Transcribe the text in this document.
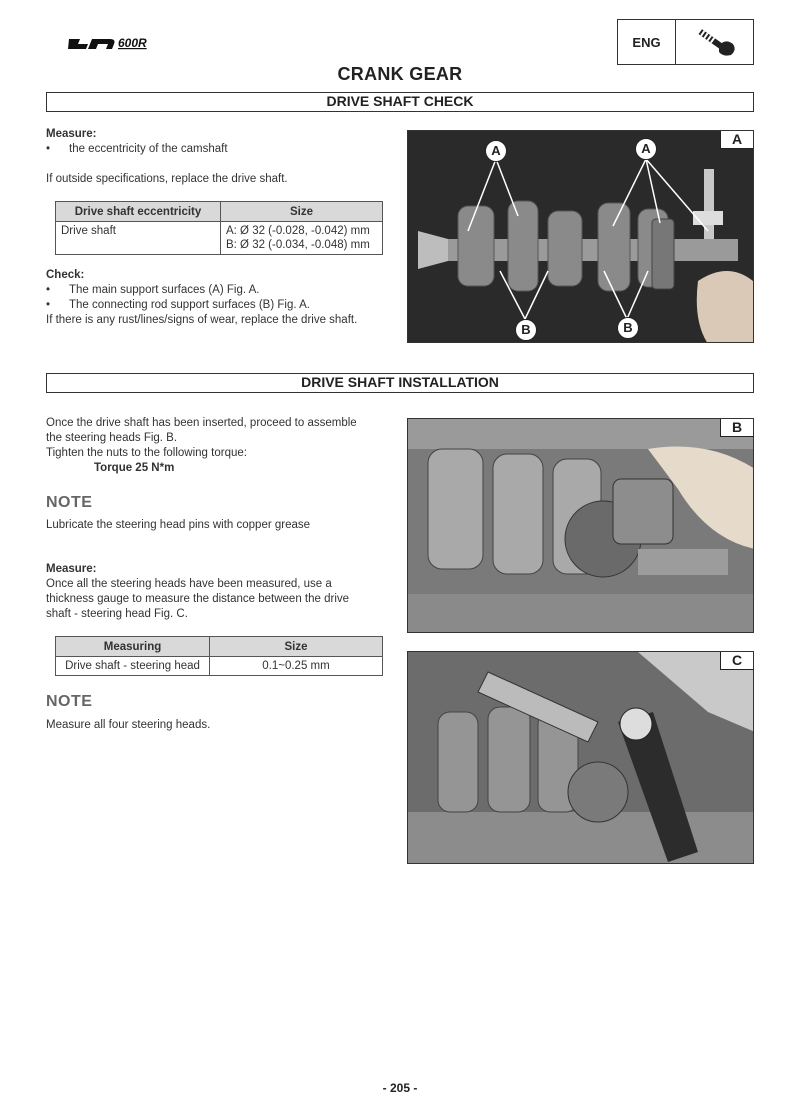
600R	ENG
CRANK GEAR
DRIVE SHAFT CHECK
Measure:
•	the eccentricity of the camshaft
If outside specifications, replace the drive shaft.
Drive shaft eccentricity	Size
Drive shaft	A: Ø 32 (-0.028, -0.042) mm
B: Ø 32 (-0.034, -0.048) mm
Check:
•	The main support surfaces (A) Fig. A.
•	The connecting rod support surfaces (B) Fig. A.
If there is any rust/lines/signs of wear, replace the drive shaft.
A
A	A
B	B
DRIVE SHAFT INSTALLATION
Once the drive shaft has been inserted, proceed to assemble
the steering heads Fig. B.
Tighten the nuts to the following torque:
Torque 25 N*m
NOTE
Lubricate the steering head pins with copper grease
Measure:
Once all the steering heads have been measured, use a
thickness gauge to measure the distance between the drive
shaft - steering head Fig. C.
Measuring	Size
Drive shaft - steering head	0.1~0.25 mm
NOTE
Measure all four steering heads.
B
C
- 205 -
